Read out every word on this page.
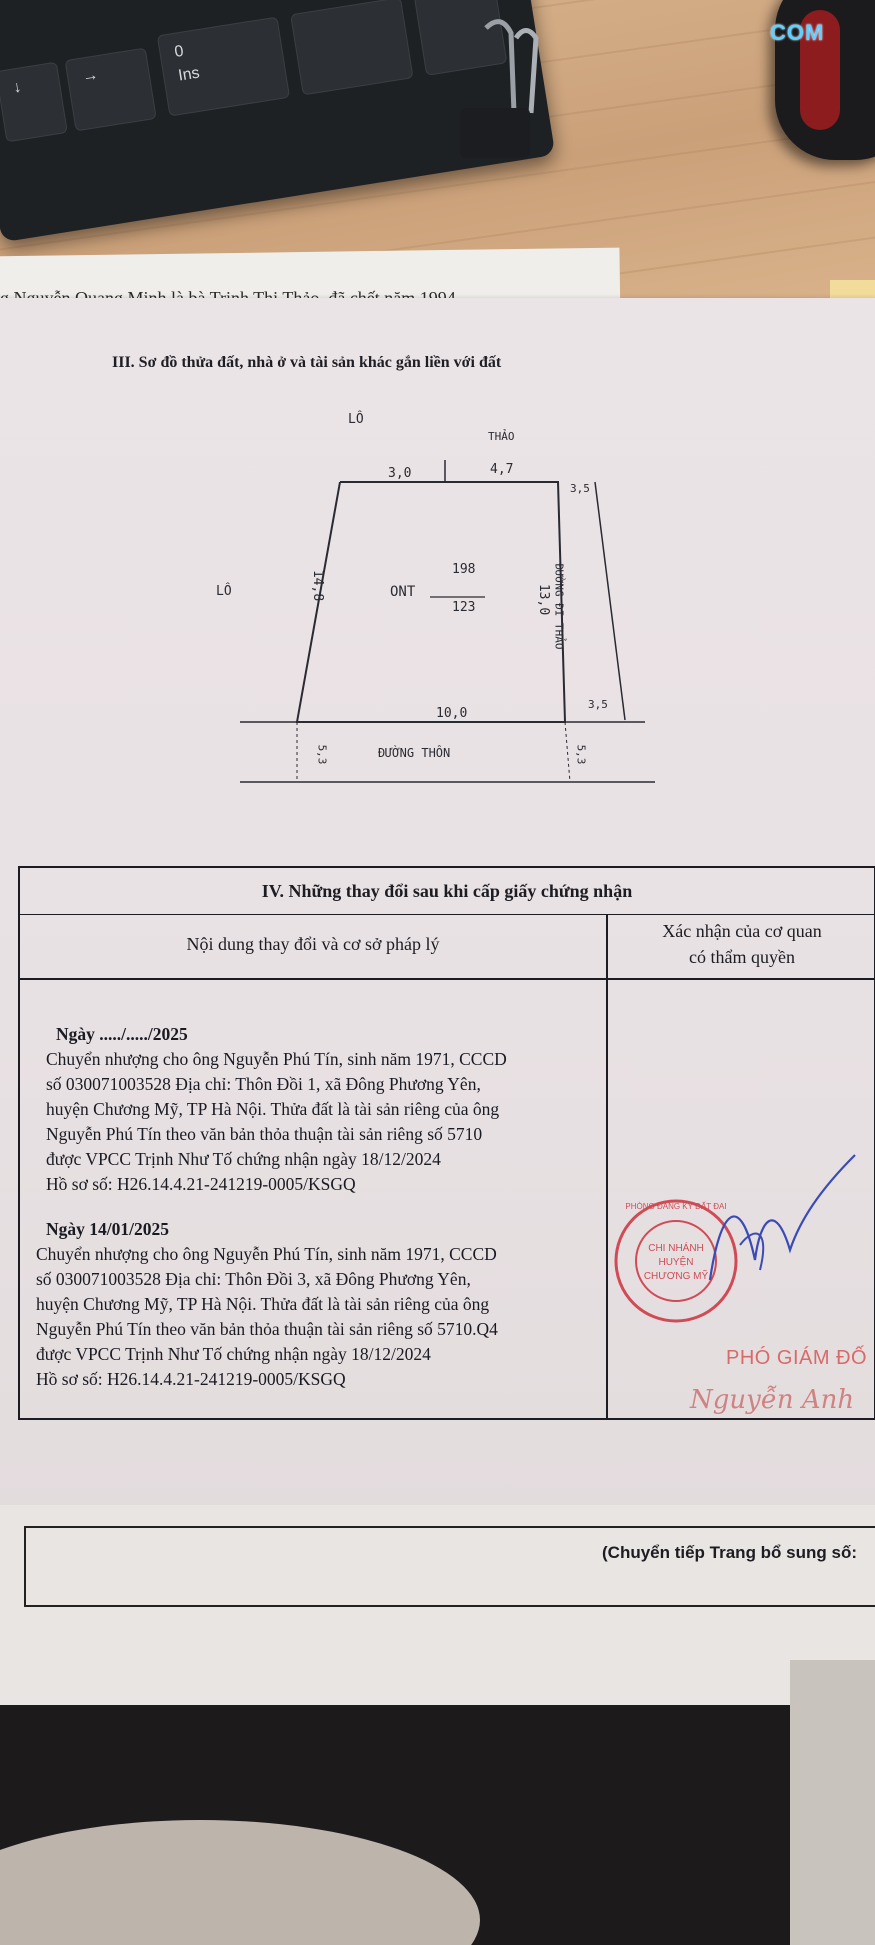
↓
→
0
Ins
COM
III. Sơ đồ thửa đất, nhà ở và tài sản khác gắn liền với đất
LÔ
THẢO
LÔ
3,0	4,7
3,5
14,8	13,0
10,0
3,5
5,3	5,3
ONT
198
123	ĐƯỜNG ĐI THẢO
ĐƯỜNG THÔN
IV. Những thay đổi sau khi cấp giấy chứng nhận
Nội dung thay đổi và cơ sở pháp lý
Xác nhận của cơ quan
có thẩm quyền
Ngày ...../...../2025
Chuyển nhượng cho ông Nguyễn Phú Tín, sinh năm 1971, CCCD
số 030071003528 Địa chỉ: Thôn Đồi 1, xã Đông Phương Yên,
huyện Chương Mỹ, TP Hà Nội. Thửa đất là tài sản riêng của ông
Nguyễn Phú Tín theo văn bản thỏa thuận tài sản riêng số 5710
được VPCC Trịnh Như Tố chứng nhận ngày 18/12/2024
Hồ sơ số: H26.14.4.21-241219-0005/KSGQ
Ngày 14/01/2025
Chuyển nhượng cho ông Nguyễn Phú Tín, sinh năm 1971, CCCD
số 030071003528 Địa chỉ: Thôn Đồi 3, xã Đông Phương Yên,
huyện Chương Mỹ, TP Hà Nội. Thửa đất là tài sản riêng của ông
Nguyễn Phú Tín theo văn bản thỏa thuận tài sản riêng số 5710.Q4
được VPCC Trịnh Như Tố chứng nhận ngày 18/12/2024
Hồ sơ số: H26.14.4.21-241219-0005/KSGQ
PHÒNG ĐĂNG KÝ ĐẤT ĐAI
CHI NHÁNH
HUYỆN
CHƯƠNG MỸ
PHÓ GIÁM ĐỐ
Nguyễn Anh
(Chuyển tiếp Trang bổ sung số:
